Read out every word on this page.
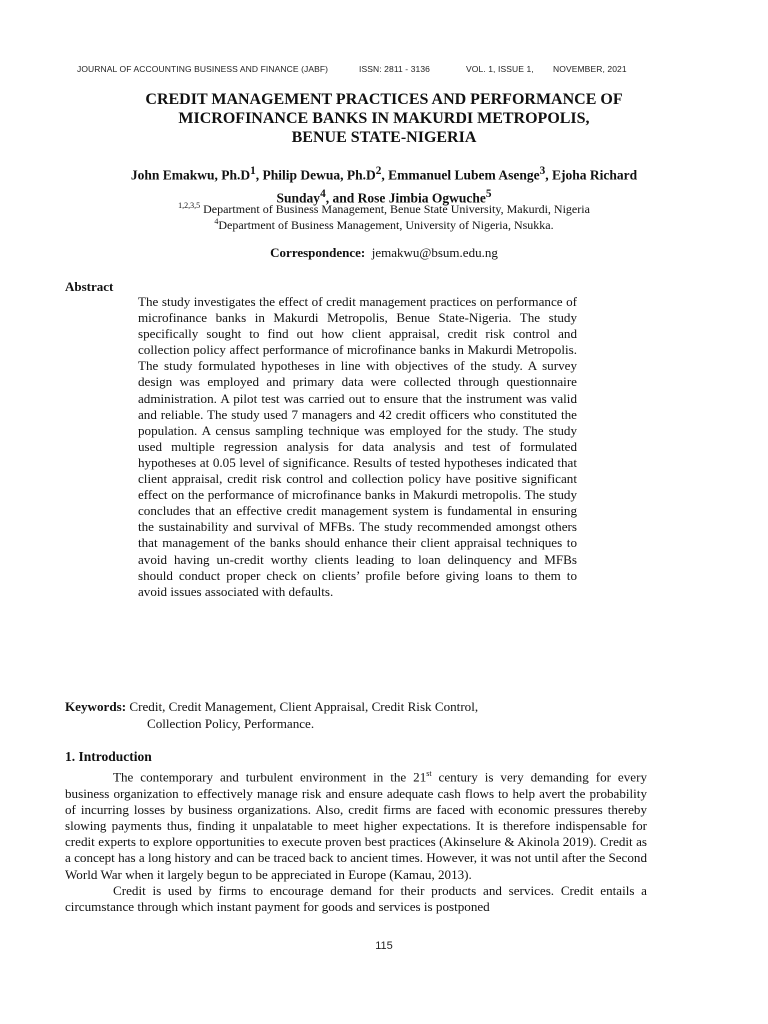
JOURNAL OF ACCOUNTING BUSINESS AND FINANCE (JABF)	ISSN: 2811 - 3136	VOL. 1, ISSUE 1, NOVEMBER, 2021
CREDIT MANAGEMENT PRACTICES AND PERFORMANCE OF
MICROFINANCE BANKS IN MAKURDI METROPOLIS,
BENUE STATE-NIGERIA
John Emakwu, $Ph.D^1$, Philip Dewua, $Ph.D^2$, Emmanuel Lubem Asenge$^3$, Ejoha Richard
Sunday$^4$, and Rose Jimbia Ogwuche$^5$
$^{1,2,3,5}$ Department of Business Management, Benue State University, Makurdi, Nigeria
$^4$Department of Business Management, University of Nigeria, Nsukka.
Correspondence: jemakwu@bsum.edu.ng
Abstract
The study investigates the effect of credit management practices on performance of microfinance banks in Makurdi Metropolis, Benue State-Nigeria. The study specifically sought to find out how client appraisal, credit risk control and collection policy affect performance of microfinance banks in Makurdi Metropolis. The study formulated hypotheses in line with objectives of the study. A survey design was employed and primary data were collected through questionnaire administration. A pilot test was carried out to ensure that the instrument was valid and reliable. The study used 7 managers and 42 credit officers who constituted the population. A census sampling technique was employed for the study. The study used multiple regression analysis for data analysis and test of formulated hypotheses at 0.05 level of significance. Results of tested hypotheses indicated that client appraisal, credit risk control and collection policy have positive significant effect on the performance of microfinance banks in Makurdi metropolis. The study concludes that an effective credit management system is fundamental in ensuring the sustainability and survival of MFBs. The study recommended amongst others that management of the banks should enhance their client appraisal techniques to avoid having un-credit worthy clients leading to loan delinquency and MFBs should conduct proper check on clients’ profile before giving loans to them to avoid issues associated with defaults.
Keywords: Credit, Credit Management, Client Appraisal, Credit Risk Control,
Collection Policy, Performance.
1. Introduction

The contemporary and turbulent environment in the 21st century is very demanding for every business organization to effectively manage risk and ensure adequate cash flows to help avert the probability of incurring losses by business organizations. Also, credit firms are faced with economic pressures thereby slowing payments thus, finding it unpalatable to meet higher expectations. It is therefore indispensable for credit experts to explore opportunities to execute proven best practices (Akinselure & Akinola 2019). Credit as a concept has a long history and can be traced back to ancient times. However, it was not until after the Second World War when it largely begun to be appreciated in Europe (Kamau, 2013).

Credit is used by firms to encourage demand for their products and services. Credit entails a circumstance through which instant payment for goods and services is postponed

115
